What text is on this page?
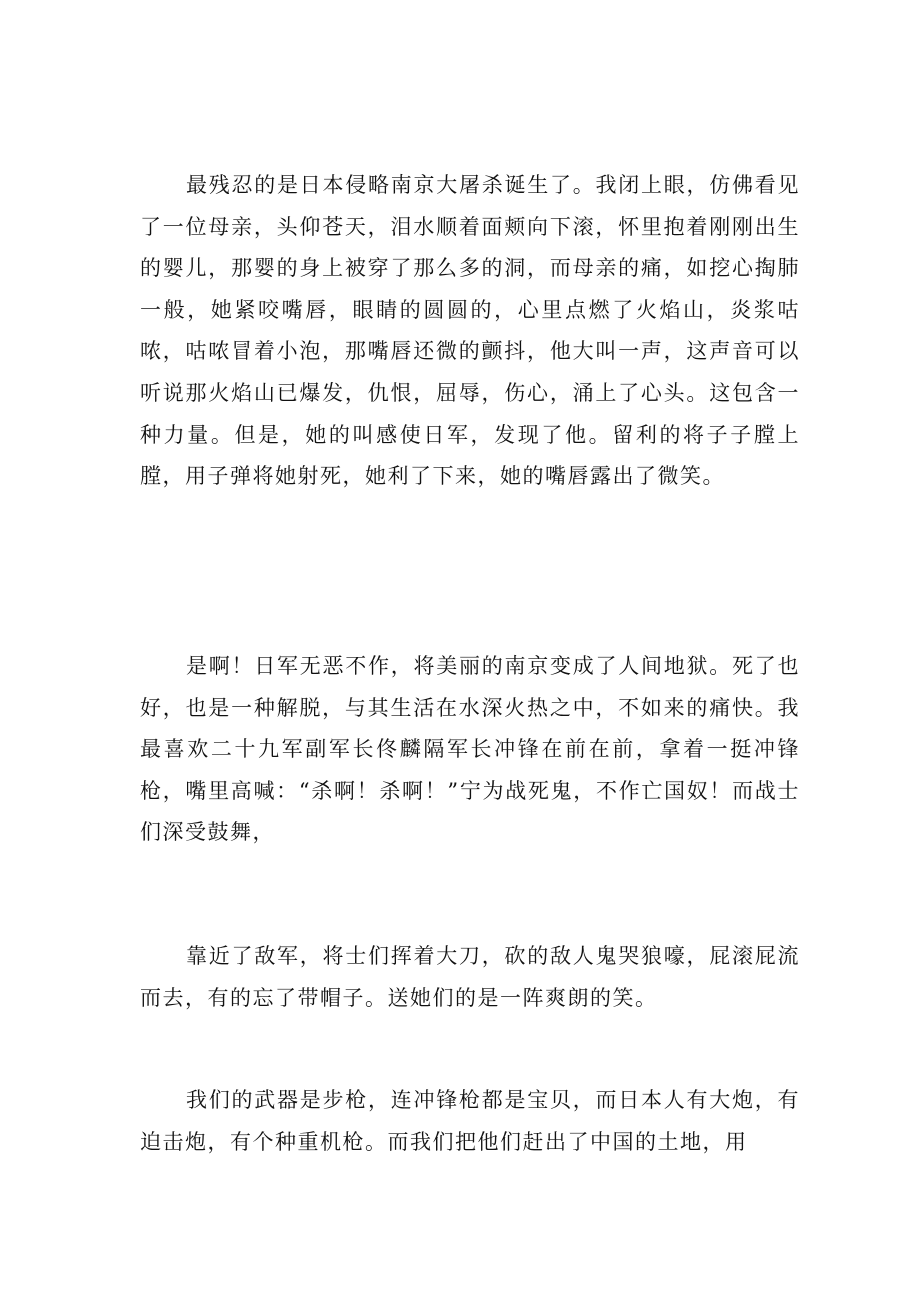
最残忍的是日本侵略南京大屠杀诞生了。我闭上眼，仿佛看见了一位母亲，头仰苍天，泪水顺着面颊向下滚，怀里抱着刚刚出生的婴儿，那婴的身上被穿了那么多的洞，而母亲的痛，如挖心掏肺一般，她紧咬嘴唇，眼睛的圆圆的，心里点燃了火焰山，炎浆咕哝，咕哝冒着小泡，那嘴唇还微的颤抖，他大叫一声，这声音可以听说那火焰山已爆发，仇恨，屈辱，伤心，涌上了心头。这包含一种力量。但是，她的叫感使日军，发现了他。留利的将子子膛上膛，用子弹将她射死，她利了下来，她的嘴唇露出了微笑。

是啊！日军无恶不作，将美丽的南京变成了人间地狱。死了也好，也是一种解脱，与其生活在水深火热之中，不如来的痛快。我最喜欢二十九军副军长佟麟隔军长冲锋在前在前，拿着一挺冲锋枪，嘴里高喊：“杀啊！杀啊！”宁为战死鬼，不作亡国奴！而战士们深受鼓舞，

靠近了敌军，将士们挥着大刀，砍的敌人鬼哭狼嚎，屁滚屁流而去，有的忘了带帽子。送她们的是一阵爽朗的笑。

我们的武器是步枪，连冲锋枪都是宝贝，而日本人有大炮，有迫击炮，有个种重机枪。而我们把他们赶出了中国的土地，用
